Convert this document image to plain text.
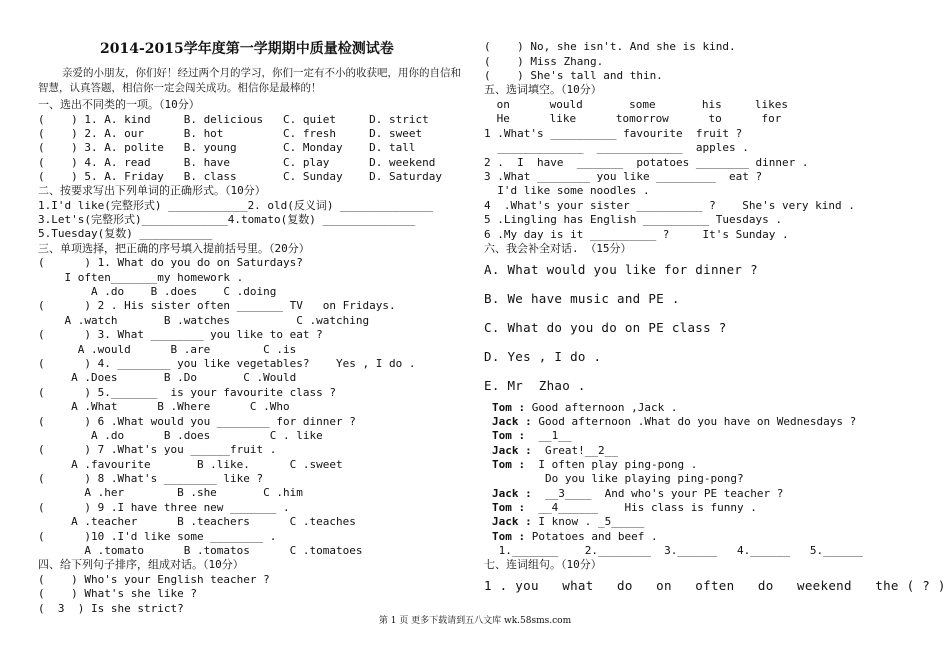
2014-2015学年度第一学期期中质量检测试卷
亲爱的小朋友，你们好！经过两个月的学习，你们一定有不小的收获吧，用你的自信和智慧，认真答题，相信你一定会闯关成功。相信你是最棒的！
一、选出不同类的一项。（10分）
(    ) 1. A. kind     B. delicious   C. quiet     D. strict
(    ) 2. A. our      B. hot         C. fresh     D. sweet
(    ) 3. A. polite   B. young       C. Monday    D. tall
(    ) 4. A. read     B. have        C. play      D. weekend
(    ) 5. A. Friday   B. class       C. Sunday    D. Saturday
二、按要求写出下列单词的正确形式。（10分）
1.I'd like(完整形式) ____________2. old(反义词) ______________
3.Let's(完整形式)_____________4.tomato(复数) ______________
5.Tuesday(复数) ___________
三、单项选择，把正确的序号填入提前括号里。（20分）
(      ) 1. What do you do on Saturdays?
I often_______my homework .
A .do    B .does    C .doing
(      ) 2 . His sister often _______ TV   on Fridays.
A .watch       B .watches          C .watching
(      ) 3. What ________ you like to eat ?
A .would      B .are        C .is
(      ) 4. ________ you like vegetables?    Yes , I do .
A .Does       B .Do       C .Would
(      ) 5._______  is your favourite class ?
A .What      B .Where      C .Who
(      ) 6 .What would you ________ for dinner ?
A .do      B .does         C . like
(      ) 7 .What's you ______fruit .
A .favourite       B .like.      C .sweet
(      ) 8 .What's ________ like ?
A .her        B .she       C .him
(      ) 9 .I have three new _______ .
A .teacher      B .teachers      C .teaches
(      )10 .I'd like some ________ .
A .tomato      B .tomatos      C .tomatoes
四、给下列句子排序，组成对话。（10分）
(    ) Who's your English teacher ?
(    ) What's she like ?
(  3  ) Is she strict?
(    ) No, she isn't. And she is kind.
(    ) Miss Zhang.
(    ) She's tall and thin.
五、选词填空。（10分）
on      would       some       his     likes
He      like      tomorrow      to      for
1 .What's __________ favourite  fruit ?
_____________  _____________  apples .
2 .  I  have  _______  potatoes ________ dinner .
3 .What ________ you like _________  eat ?
I'd like some noodles .
4  .What's your sister __________ ?    She's very kind .
5 .Lingling has English __________ Tuesdays .
6 .My day is it __________ ?     It's Sunday .
六、我会补全对话. （15分）
A. What would you like for dinner ?
B. We have music and PE .
C. What do you do on PE class ?
D. Yes , I do .
E. Mr  Zhao .
Tom : Good afternoon ,Jack .
Jack : Good afternoon .What do you have on Wednesdays ?
Tom :  __1__
Jack :  Great!__2__
Tom :  I often play ping-pong .
Do you like playing ping-pong?
Jack :  __3____  And who's your PE teacher ?
Tom :  __4______    His class is funny .
Jack : I know . _5_____
Tom : Potatoes and beef .
1._______    2.________  3.______   4.______   5.______
七、连词组句。（10分）
1 . you   what   do   on   often   do   weekend   the ( ? )
第 1 页 更多下载请到五八文库 wk.58sms.com
